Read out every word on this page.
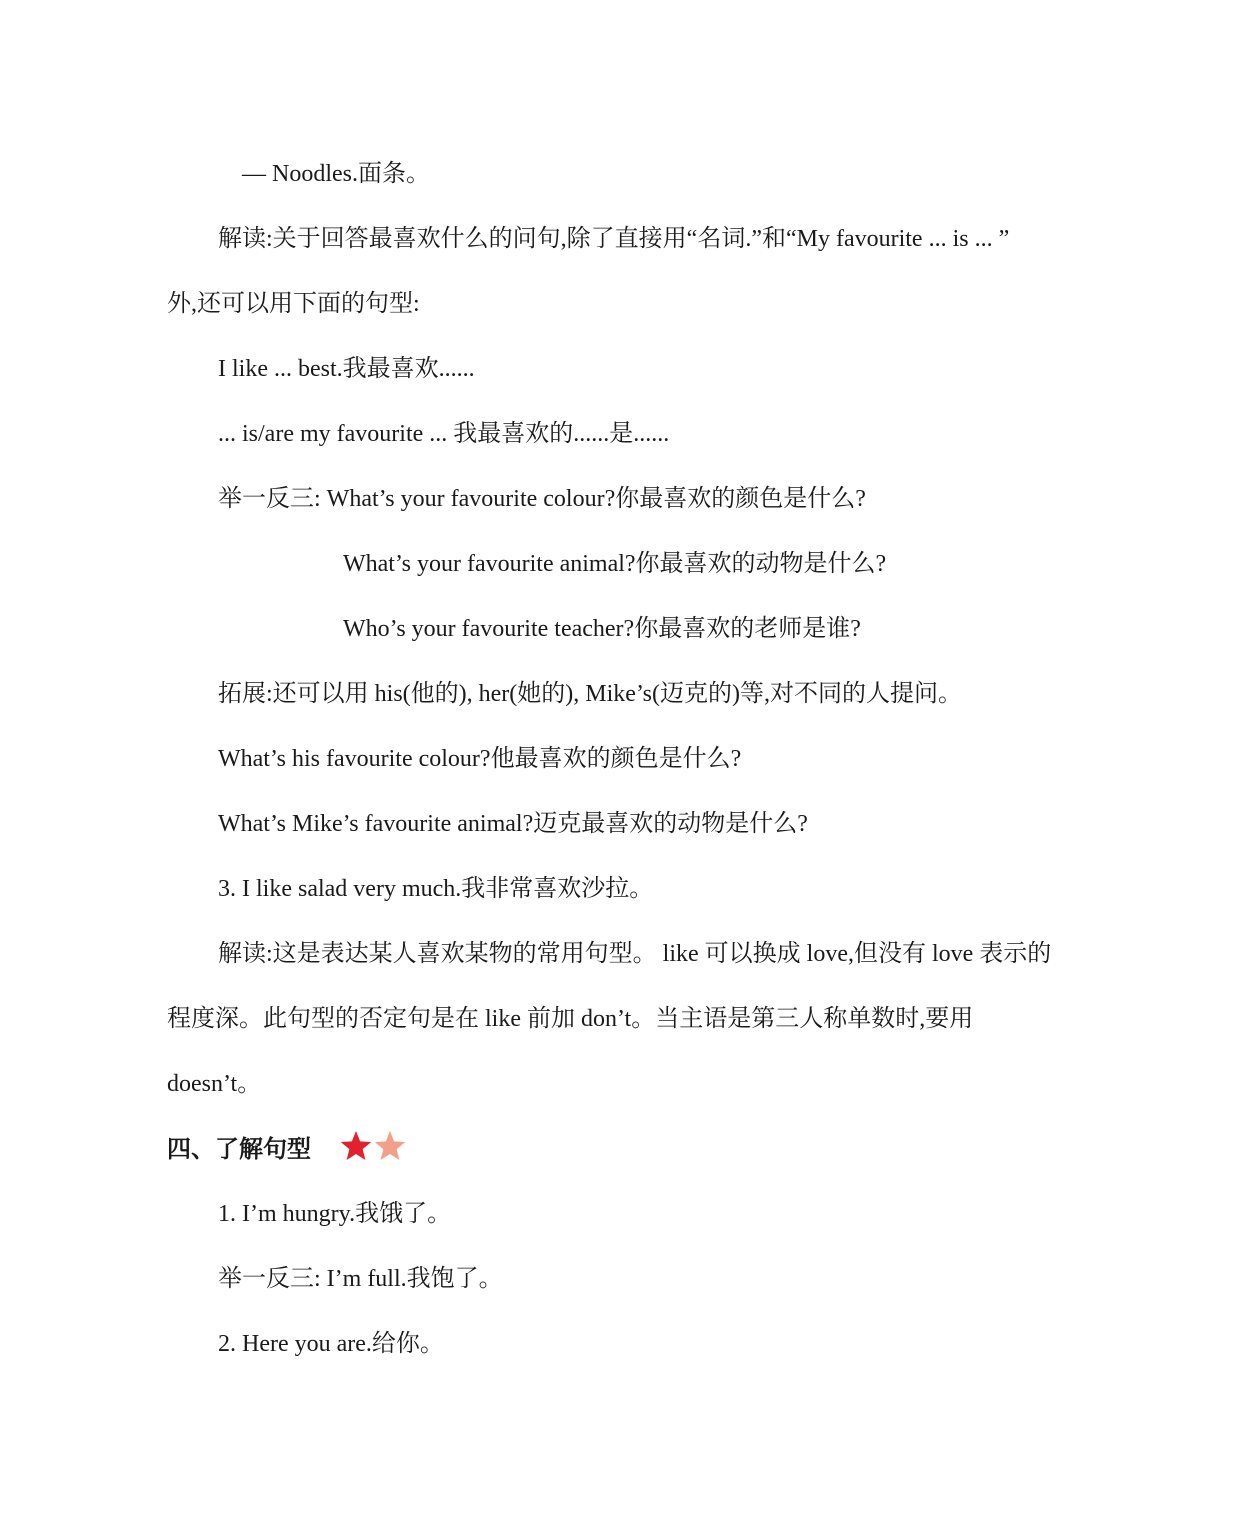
— Noodles.面条。
解读:关于回答最喜欢什么的问句,除了直接用“名词.”和“My favourite ... is ... ”
外,还可以用下面的句型:
I like ... best.我最喜欢......
... is/are my favourite ... 我最喜欢的......是......
举一反三: What’s your favourite colour?你最喜欢的颜色是什么?
What’s your favourite animal?你最喜欢的动物是什么?
Who’s your favourite teacher?你最喜欢的老师是谁?
拓展:还可以用 his(他的), her(她的), Mike’s(迈克的)等,对不同的人提问。
What’s his favourite colour?他最喜欢的颜色是什么?
What’s Mike’s favourite animal?迈克最喜欢的动物是什么?
3. I like salad very much.我非常喜欢沙拉。
解读:这是表达某人喜欢某物的常用句型。 like 可以换成 love,但没有 love 表示的
程度深。此句型的否定句是在 like 前加 don’t。当主语是第三人称单数时,要用
doesn’t。
四、了解句型
1. I’m hungry.我饿了。
举一反三: I’m full.我饱了。
2. Here you are.给你。
